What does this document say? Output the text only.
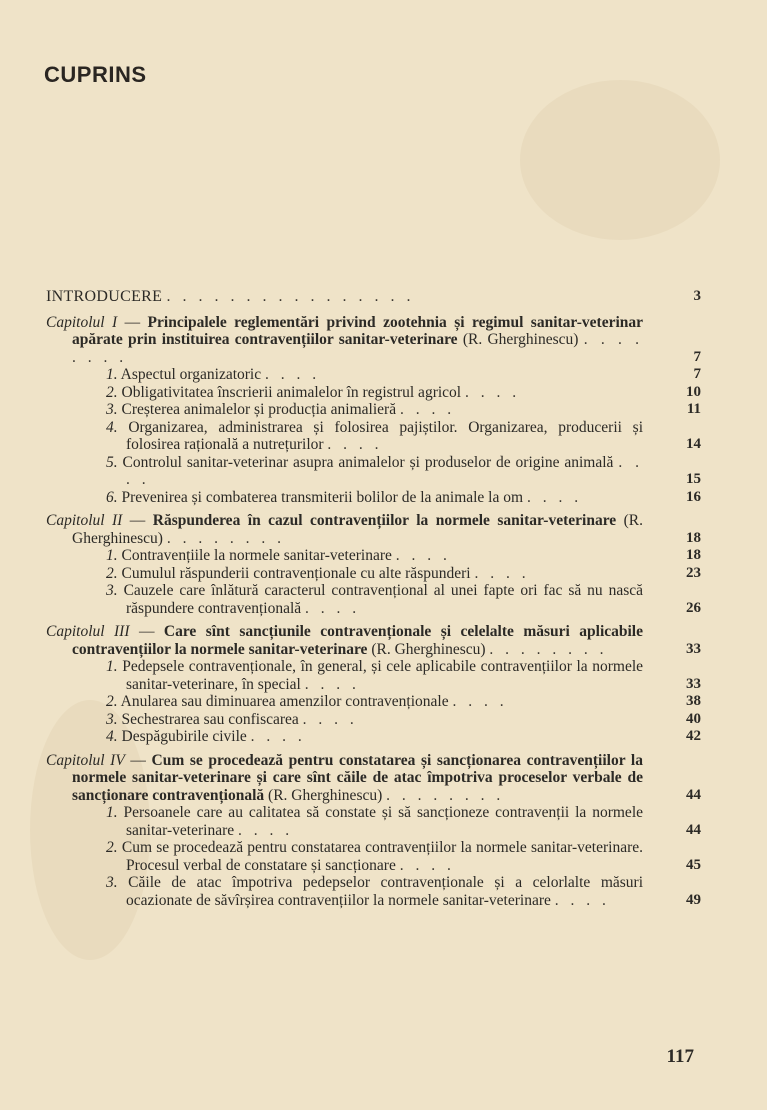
CUPRINS
INTRODUCERE . . . . . . . . . . . . . . . .	3
Capitolul I — Principalele reglementări privind zootehnia și regimul sanitar-veterinar apărate prin instituirea contravențiilor sanitar-veterinare (R. Gherghinescu) . . . . . . . .	7
1. Aspectul organizatoric . . . .	7
2. Obligativitatea înscrierii animalelor în registrul agricol . . . .	10
3. Creșterea animalelor și producția animalieră . . . .	11
4. Organizarea, administrarea și folosirea pajiștilor. Organizarea, producerii și folosirea rațională a nutrețurilor . . . .	14
5. Controlul sanitar-veterinar asupra animalelor și produselor de origine animală . . . .	15
6. Prevenirea și combaterea transmiterii bolilor de la animale la om . . . .	16
Capitolul II — Răspunderea în cazul contravențiilor la normele sanitar-veterinare (R. Gherghinescu) . . . . . . . .	18
1. Contravențiile la normele sanitar-veterinare . . . .	18
2. Cumulul răspunderii contravenționale cu alte răspunderi . . . .	23
3. Cauzele care înlătură caracterul contravențional al unei fapte ori fac să nu nască răspundere contravențională . . . .	26
Capitolul III — Care sînt sancțiunile contravenționale și celelalte măsuri aplicabile contravențiilor la normele sanitar-veterinare (R. Gherghinescu) . . . . . . . .	33
1. Pedepsele contravenționale, în general, și cele aplicabile contravențiilor la normele sanitar-veterinare, în special . . . .	33
2. Anularea sau diminuarea amenzilor contravenționale . . . .	38
3. Sechestrarea sau confiscarea . . . .	40
4. Despăgubirile civile . . . .	42
Capitolul IV — Cum se procedează pentru constatarea și sancționarea contravențiilor la normele sanitar-veterinare și care sînt căile de atac împotriva proceselor verbale de sancționare contravențională (R. Gherghinescu) . . . . . . . .	44
1. Persoanele care au calitatea să constate și să sancționeze contravenții la normele sanitar-veterinare . . . .	44
2. Cum se procedează pentru constatarea contravențiilor la normele sanitar-veterinare. Procesul verbal de constatare și sancționare . . . .	45
3. Căile de atac împotriva pedepselor contravenționale și a celorlalte măsuri ocazionate de săvîrșirea contravențiilor la normele sanitar-veterinare . . . .	49
117
